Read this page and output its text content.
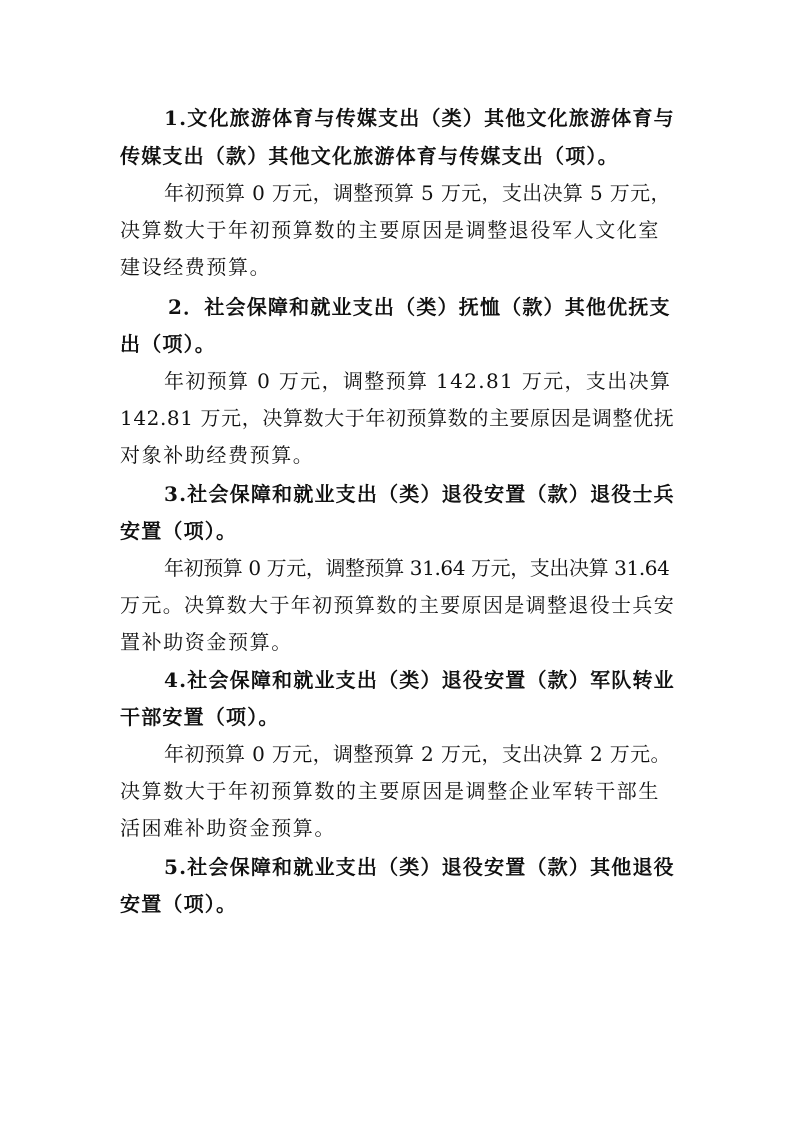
1.文化旅游体育与传媒支出（类）其他文化旅游体育与
传媒支出（款）其他文化旅游体育与传媒支出（项）。
年初预算 0 万元，调整预算 5 万元，支出决算 5 万元，
决算数大于年初预算数的主要原因是调整退役军人文化室
建设经费预算。
2．社会保障和就业支出（类）抚恤（款）其他优抚支
出（项）。
年初预算 0 万元，调整预算 142.81 万元，支出决算
142.81 万元，决算数大于年初预算数的主要原因是调整优抚
对象补助经费预算。
3.社会保障和就业支出（类）退役安置（款）退役士兵
安置（项）。
年初预算 0 万元，调整预算 31.64 万元，支出决算 31.64
万元。决算数大于年初预算数的主要原因是调整退役士兵安
置补助资金预算。
4.社会保障和就业支出（类）退役安置（款）军队转业
干部安置（项）。
年初预算 0 万元，调整预算 2 万元，支出决算 2 万元。
决算数大于年初预算数的主要原因是调整企业军转干部生
活困难补助资金预算。
5.社会保障和就业支出（类）退役安置（款）其他退役
安置（项）。
